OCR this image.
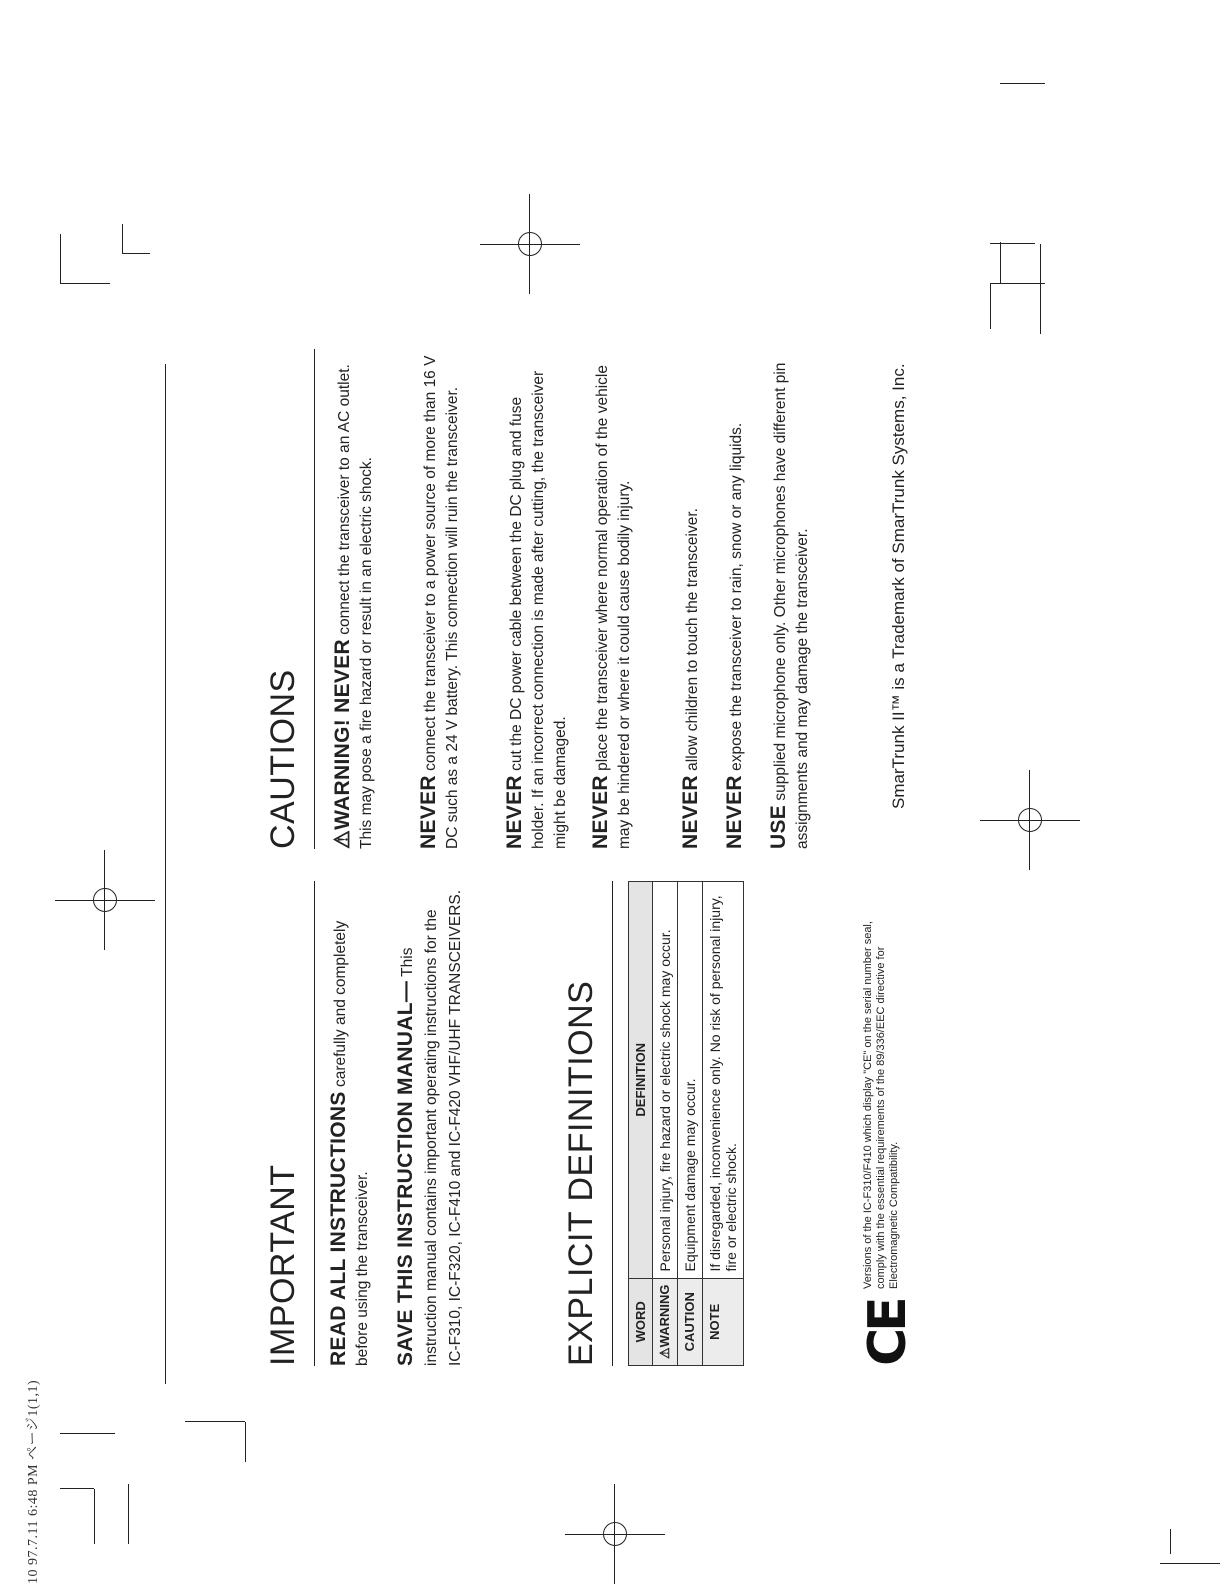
10 97.7.11 6:48 PM ページ1(1,1)
IMPORTANT READ ALL INSTRUCTIONS carefully and completely before using the transceiver. SAVE THIS INSTRUCTION MANUAL— This instruction manual contains important operating instructions for the IC-F310, IC-F320, IC-F410 and IC-F420 VHF/UHF TRANSCEIVERS.	EXPLICIT DEFINITIONS	WORD	DEFINITION
⚠WARNING	Personal injury, fire hazard or electric shock may occur.
CAUTION	Equipment damage may occur.
NOTE	If disregarded, inconvenience only. No risk of personal injury, fire or electric shock.
CE
Versions of the IC-F310/F410 which display "CE" on the serial number seal, comply with the essential requirements of the 89/336/EEC directive for Electromagnetic Compatibility.
CAUTIONS ⚠WARNING! NEVER connect the transceiver to an AC outlet. This may pose a fire hazard or result in an electric shock. NEVER connect the transceiver to a power source of more than 16 V DC such as a 24 V battery. This connection will ruin the transceiver. NEVER cut the DC power cable between the DC plug and fuse holder. If an incorrect connection is made after cutting, the transceiver might be damaged. NEVER place the transceiver where normal operation of the vehicle may be hindered or where it could cause bodily injury. NEVER allow children to touch the transceiver.
NEVER expose the transceiver to rain, snow or any liquids.
USE supplied microphone only. Other microphones have different pin assignments and may damage the transceiver.	SmarTrunk II™ is a Trademark of SmarTrunk Systems, Inc.
